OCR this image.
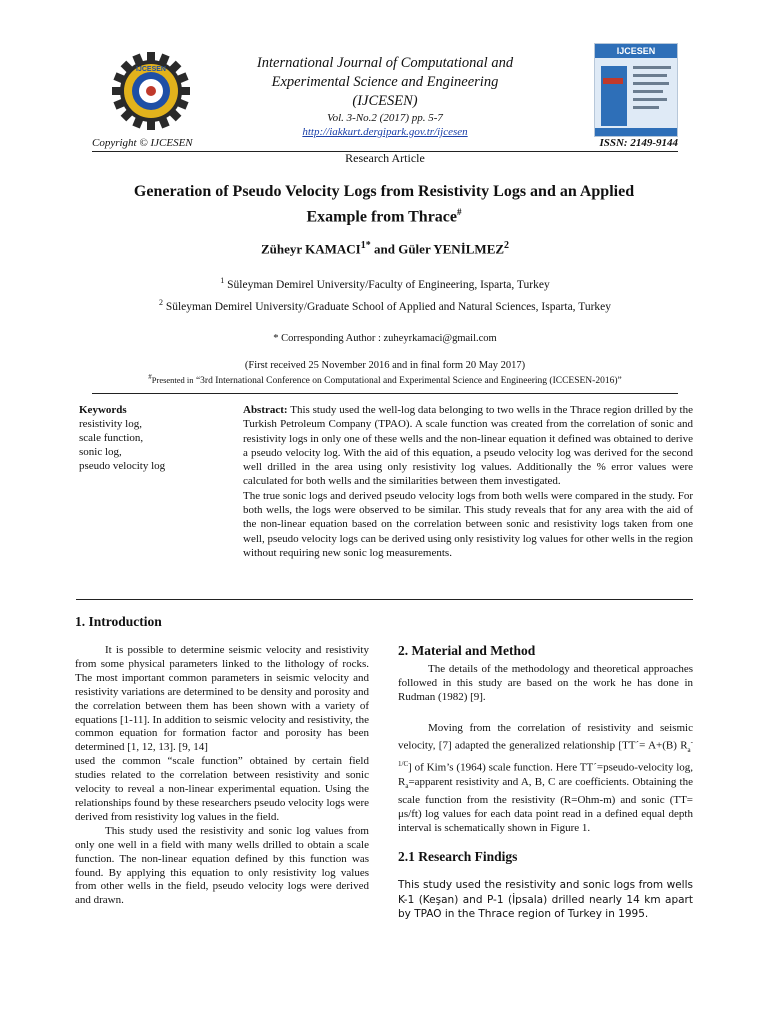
IJCESEN	International Journal of Computational and
Experimental Science and Engineering
(IJCESEN)
Vol. 3-No.2 (2017) pp. 5-7
http://iakkurt.dergipark.gov.tr/ijcesen
IJCESEN
Copyright © IJCESEN	ISSN: 2149-9144
Research Article
Generation of Pseudo Velocity Logs from Resistivity Logs and an Applied
Example from Thrace#
Züheyr $KAMACI^{1*}$ and Güler YENİLMEZ$^2$
$^1$ Süleyman Demirel University/Faculty of Engineering, Isparta, Turkey
$^2$ Süleyman Demirel University/Graduate School of Applied and Natural Sciences, Isparta, Turkey
* Corresponding Author : zuheyrkamaci@gmail.com
(First received 25 November 2016 and in final form 20 May 2017)
#Presented in “3rd International Conference on Computational and Experimental Science and Engineering (ICCESEN-2016)”
Keywords
resistivity log,
scale function,
sonic log,
pseudo velocity log
Abstract: This study used the well-log data belonging to two wells in the Thrace region drilled by the Turkish Petroleum Company (TPAO). A scale function was created from the correlation of sonic and resistivity logs in only one of these wells and the non-linear equation it defined was obtained to derive a pseudo velocity log. With the aid of this equation, a pseudo velocity log was derived for the second well drilled in the area using only resistivity log values. Additionally the % error values were calculated for both wells and the similarities between them investigated.
The true sonic logs and derived pseudo velocity logs from both wells were compared in the study. For both wells, the logs were observed to be similar. This study reveals that for any area with the aid of the non-linear equation based on the correlation between sonic and resistivity logs taken from one well, pseudo velocity logs can be derived using only resistivity log values for other wells in the region without requiring new sonic log measurements.
1. Introduction
It is possible to determine seismic velocity and resistivity from some physical parameters linked to the lithology of rocks. The most important common parameters in seismic velocity and resistivity variations are determined to be density and porosity and the correlation between them has been shown with a variety of equations [1-11]. In addition to seismic velocity and resistivity, the common equation for formation factor and porosity has been determined [1, 12, 13]. [9, 14]
used the common “scale function” obtained by certain field studies related to the correlation between resistivity and sonic velocity to reveal a non-linear experimental equation. Using the relationships found by these researchers pseudo velocity logs were derived from resistivity log values in the field.
This study used the resistivity and sonic log values from only one well in a field with many wells drilled to obtain a scale function. The non-linear equation defined by this function was found. By applying this equation to only resistivity log values from other wells in the field, pseudo velocity logs were derived and drawn.
2. Material and Method
The details of the methodology and theoretical approaches followed in this study are based on the work he has done in Rudman (1982) [9].
Moving from the correlation of resistivity and seismic velocity, [7] adapted the generalized relationship [TT´= A+(B) $R_a^{-1/C}$] of Kim’s (1964) scale function. Here TT´=pseudo-velocity log, $R_a=apparent$ resistivity and A, B, C are coefficients. Obtaining the scale function from the resistivity (R=Ohm-m) and sonic (TT= μs/ft) log values for each data point read in a defined equal depth interval is schematically shown in Figure 1.
2.1 Research Findigs
This study used the resistivity and sonic logs from wells K-1 (Keşan) and P-1 (İpsala) drilled nearly 14 km apart by TPAO in the Thrace region of Turkey in 1995.
